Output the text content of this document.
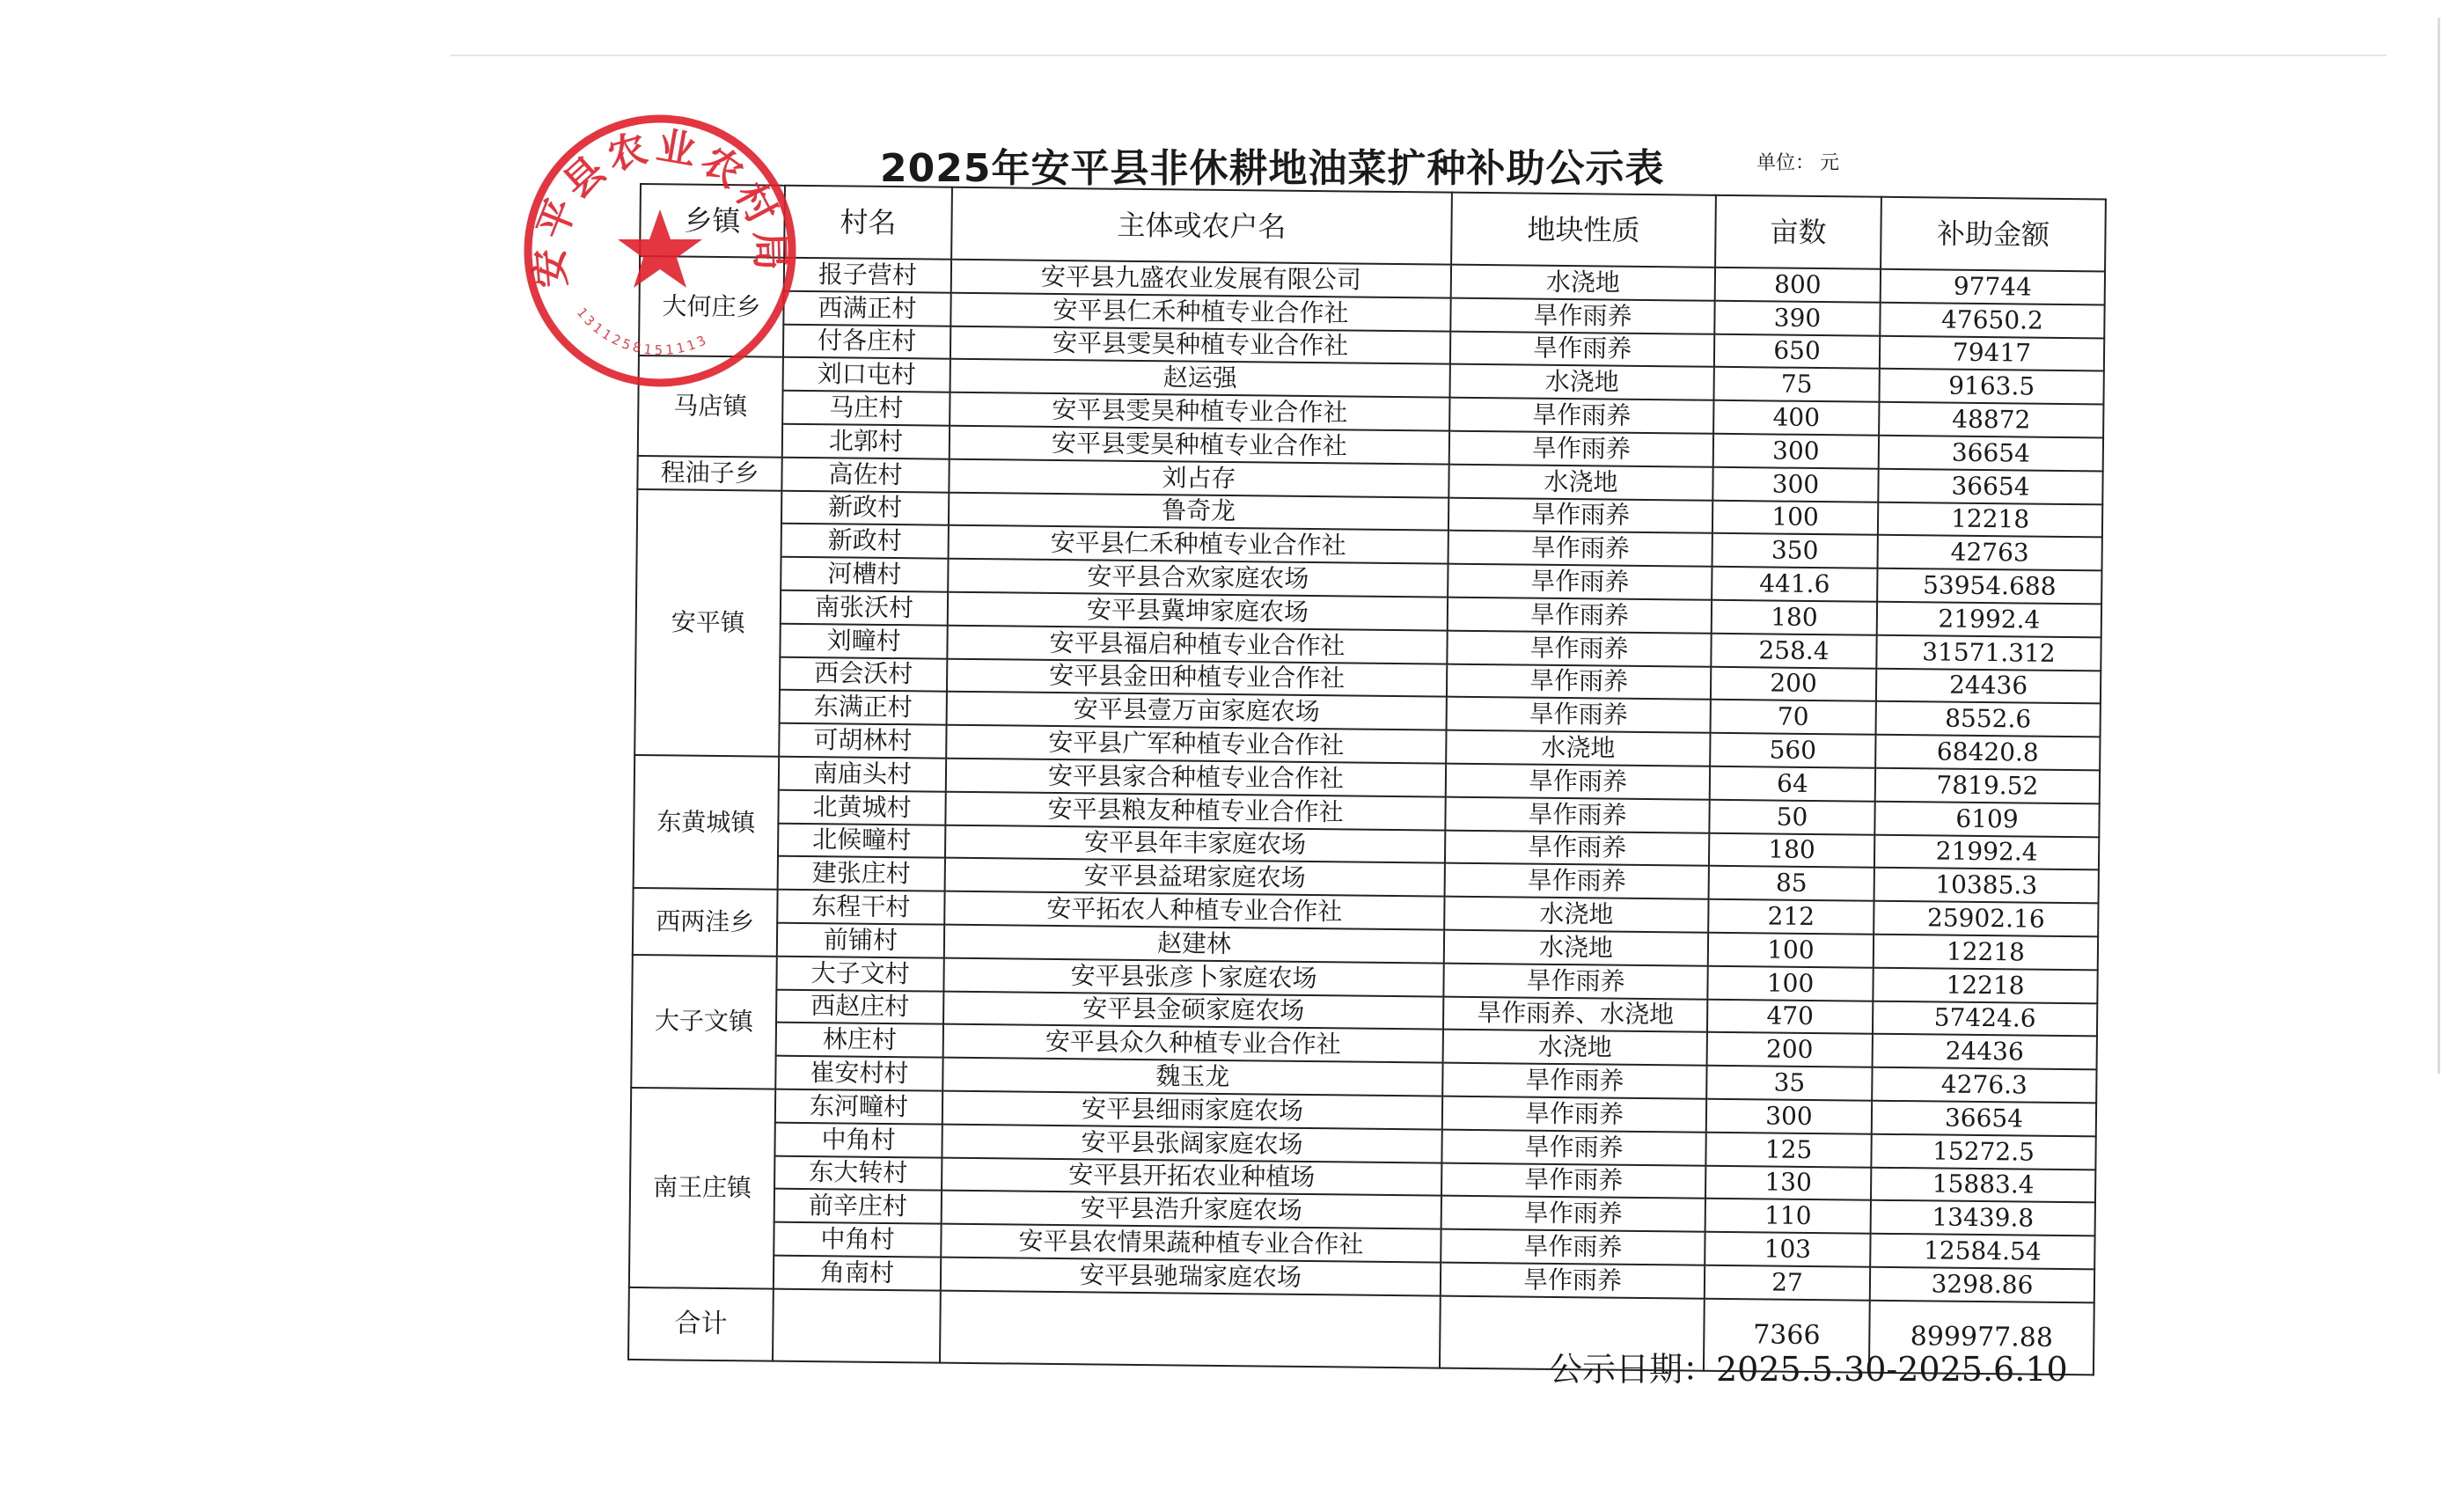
2025年安平县非休耕地油菜扩种补助公示表	单位： 元
乡镇	村名	主体或农户名	地块性质	亩数	补助金额
大何庄乡	报子营村	安平县九盛农业发展有限公司	水浇地	800	97744
	西满正村	安平县仁禾种植专业合作社	旱作雨养	390	47650.2
	付各庄村	安平县雯昊种植专业合作社	旱作雨养	650	79417
马店镇	刘口屯村	赵运强	水浇地	75	9163.5
	马庄村	安平县雯昊种植专业合作社	旱作雨养	400	48872
	北郭村	安平县雯昊种植专业合作社	旱作雨养	300	36654
程油子乡	高佐村	刘占存	水浇地	300	36654
安平镇	新政村	鲁奇龙	旱作雨养	100	12218
	新政村	安平县仁禾种植专业合作社	旱作雨养	350	42763
	河槽村	安平县合欢家庭农场	旱作雨养	441.6	53954.688
	南张沃村	安平县冀坤家庭农场	旱作雨养	180	21992.4
	刘疃村	安平县福启种植专业合作社	旱作雨养	258.4	31571.312
	西会沃村	安平县金田种植专业合作社	旱作雨养	200	24436
	东满正村	安平县壹万亩家庭农场	旱作雨养	70	8552.6
	可胡林村	安平县广军种植专业合作社	水浇地	560	68420.8
东黄城镇	南庙头村	安平县家合种植专业合作社	旱作雨养	64	7819.52
	北黄城村	安平县粮友种植专业合作社	旱作雨养	50	6109
	北候疃村	安平县年丰家庭农场	旱作雨养	180	21992.4
	建张庄村	安平县益珺家庭农场	旱作雨养	85	10385.3
西两洼乡	东程干村	安平拓农人种植专业合作社	水浇地	212	25902.16
	前铺村	赵建林	水浇地	100	12218
大子文镇	大子文村	安平县张彦卜家庭农场	旱作雨养	100	12218
	西赵庄村	安平县金硕家庭农场	旱作雨养、水浇地	470	57424.6
	林庄村	安平县众久种植专业合作社	水浇地	200	24436
	崔安村村	魏玉龙	旱作雨养	35	4276.3
南王庄镇	东河疃村	安平县细雨家庭农场	旱作雨养	300	36654
	中角村	安平县张阔家庭农场	旱作雨养	125	15272.5
	东大转村	安平县开拓农业种植场	旱作雨养	130	15883.4
	前辛庄村	安平县浩升家庭农场	旱作雨养	110	13439.8
	中角村	安平县农情果蔬种植专业合作社	旱作雨养	103	12584.54
	角南村	安平县驰瑞家庭农场	旱作雨养	27	3298.86
合计				7366	899977.88
公示日期：2025.5.30-2025.6.10
安平县农业农村局
1311258151113
